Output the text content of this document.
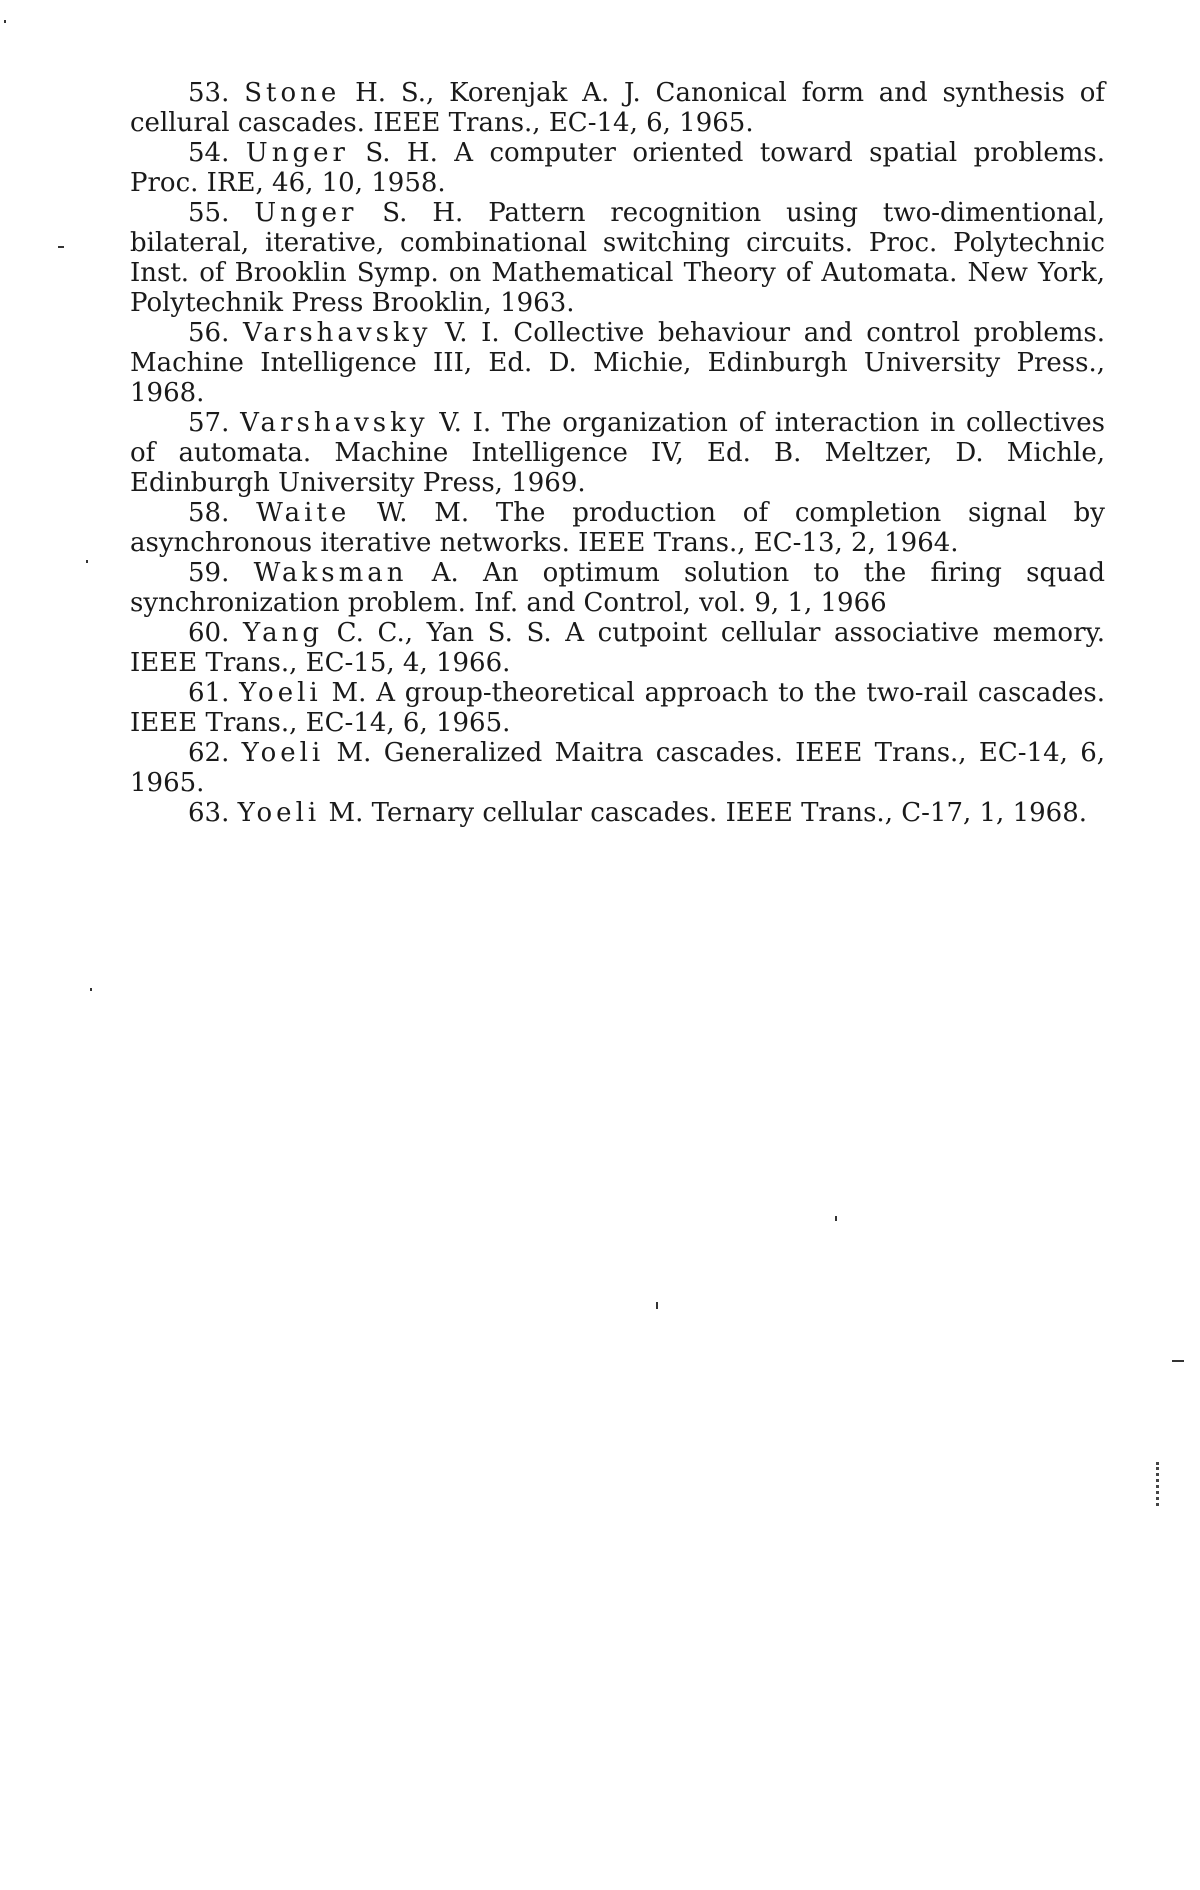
53. Stone H. S., Korenjak A. J. Canonical form and synthesis of cellural cascades. IEEE Trans., EC-14, 6, 1965.

54. Unger S. H. A computer oriented toward spatial problems. Proc. IRE, 46, 10, 1958.

55. Unger S. H. Pattern recognition using two-dimentional, bilateral, iterative, combinational switching circuits. Proc. Polytechnic Inst. of Brooklin Symp. on Mathematical Theory of Automata. New York, Polytechnik Press Brooklin, 1963.

56. Varshavsky V. I. Collective behaviour and control problems. Machine Intelligence III, Ed. D. Michie, Edinburgh University Press., 1968.

57. Varshavsky V. I. The organization of interaction in collectives of automata. Machine Intelligence IV, Ed. B. Meltzer, D. Michle, Edinburgh University Press, 1969.

58. Waite W. M. The production of completion signal by asynchronous iterative networks. IEEE Trans., EC-13, 2, 1964.

59. Waksman A. An optimum solution to the firing squad synchronization problem. Inf. and Control, vol. 9, 1, 1966

60. Yang C. C., Yan S. S. A cutpoint cellular associative memory. IEEE Trans., EC-15, 4, 1966.

61. Yoeli M. A group-theoretical approach to the two-rail cascades. IEEE Trans., EC-14, 6, 1965.

62. Yoeli M. Generalized Maitra cascades. IEEE Trans., EC-14, 6, 1965.

63. Yoeli M. Ternary cellular cascades. IEEE Trans., C-17, 1, 1968.
